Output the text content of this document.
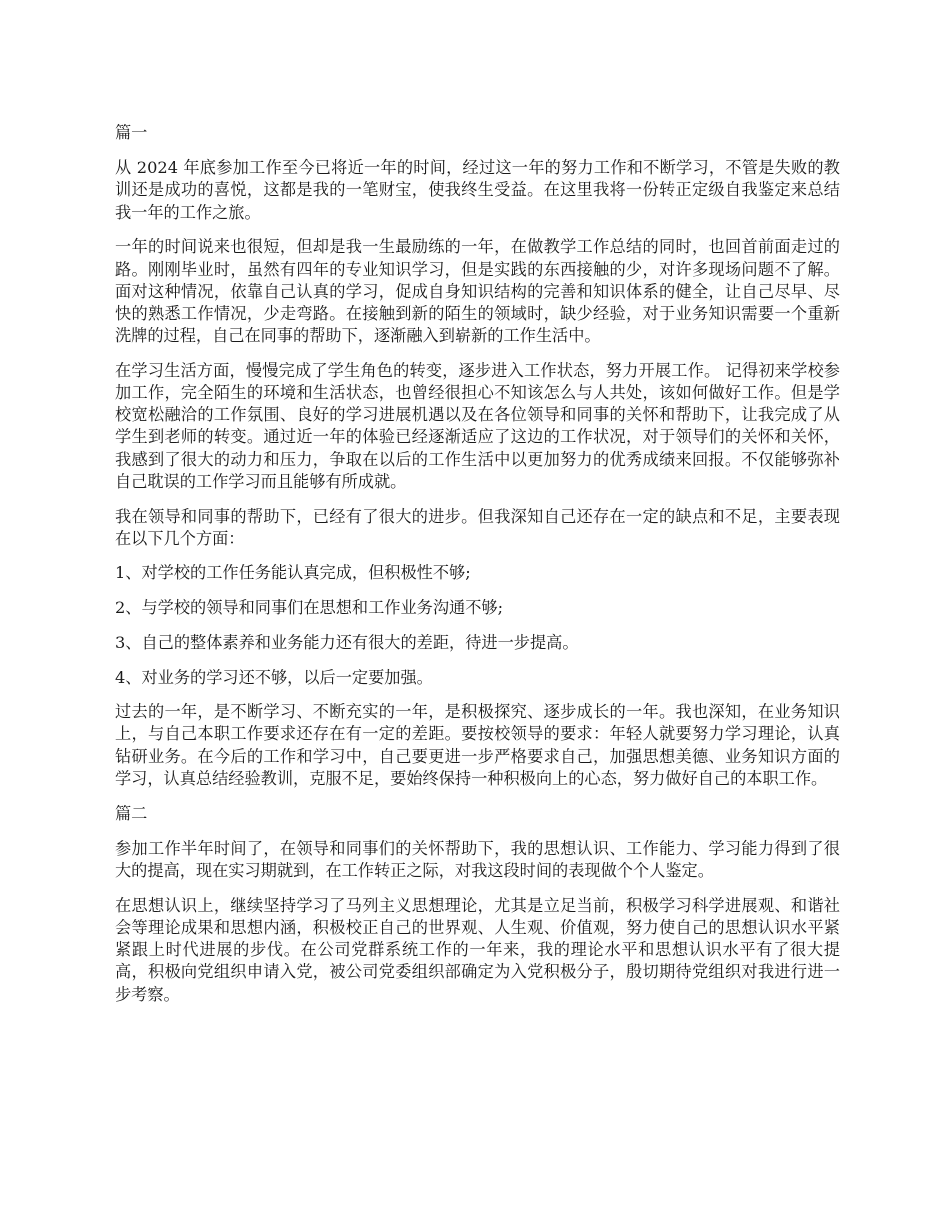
篇一

从 2024 年底参加工作至今已将近一年的时间，经过这一年的努力工作和不断学习，不管是失败的教训还是成功的喜悦，这都是我的一笔财宝，使我终生受益。在这里我将一份转正定级自我鉴定来总结我一年的工作之旅。

一年的时间说来也很短，但却是我一生最励练的一年，在做教学工作总结的同时，也回首前面走过的路。刚刚毕业时，虽然有四年的专业知识学习，但是实践的东西接触的少，对许多现场问题不了解。面对这种情况，依靠自己认真的学习，促成自身知识结构的完善和知识体系的健全，让自己尽早、尽快的熟悉工作情况，少走弯路。在接触到新的陌生的领域时，缺少经验，对于业务知识需要一个重新洗牌的过程，自己在同事的帮助下，逐渐融入到崭新的工作生活中。

在学习生活方面，慢慢完成了学生角色的转变，逐步进入工作状态，努力开展工作。 记得初来学校参加工作，完全陌生的环境和生活状态，也曾经很担心不知该怎么与人共处，该如何做好工作。但是学校宽松融洽的工作氛围、良好的学习进展机遇以及在各位领导和同事的关怀和帮助下，让我完成了从学生到老师的转变。通过近一年的体验已经逐渐适应了这边的工作状况，对于领导们的关怀和关怀，我感到了很大的动力和压力，争取在以后的工作生活中以更加努力的优秀成绩来回报。不仅能够弥补自己耽误的工作学习而且能够有所成就。

我在领导和同事的帮助下，已经有了很大的进步。但我深知自己还存在一定的缺点和不足，主要表现在以下几个方面：

1、对学校的工作任务能认真完成，但积极性不够;

2、与学校的领导和同事们在思想和工作业务沟通不够;

3、自己的整体素养和业务能力还有很大的差距，待进一步提高。

4、对业务的学习还不够，以后一定要加强。

过去的一年，是不断学习、不断充实的一年，是积极探究、逐步成长的一年。我也深知，在业务知识上，与自己本职工作要求还存在有一定的差距。要按校领导的要求：年轻人就要努力学习理论，认真钻研业务。在今后的工作和学习中，自己要更进一步严格要求自己，加强思想美德、业务知识方面的学习，认真总结经验教训，克服不足，要始终保持一种积极向上的心态，努力做好自己的本职工作。

篇二

参加工作半年时间了，在领导和同事们的关怀帮助下，我的思想认识、工作能力、学习能力得到了很大的提高，现在实习期就到，在工作转正之际，对我这段时间的表现做个个人鉴定。

在思想认识上，继续坚持学习了马列主义思想理论，尤其是立足当前，积极学习科学进展观、和谐社会等理论成果和思想内涵，积极校正自己的世界观、人生观、价值观，努力使自己的思想认识水平紧紧跟上时代进展的步伐。在公司党群系统工作的一年来，我的理论水平和思想认识水平有了很大提高，积极向党组织申请入党，被公司党委组织部确定为入党积极分子，殷切期待党组织对我进行进一步考察。
